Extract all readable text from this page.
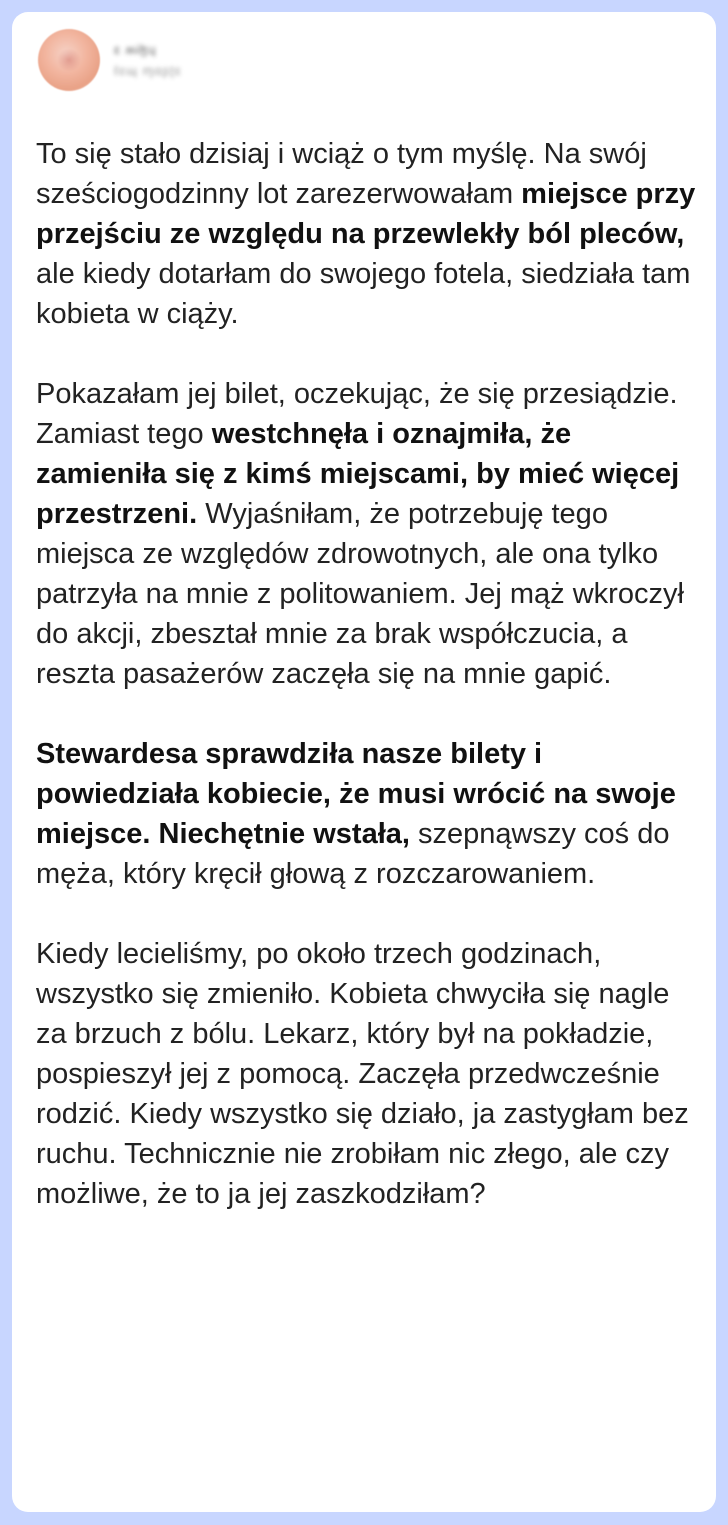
ɛ ʍɨɮɥ
ℓɛɰ ɱɑʂʈɛ

To się stało dzisiaj i wciąż o tym myślę. Na swój sześciogodzinny lot zarezerwowałam miejsce przy przejściu ze względu na przewlekły ból pleców, ale kiedy dotarłam do swojego fotela, siedziała tam kobieta w ciąży.

Pokazałam jej bilet, oczekując, że się przesiądzie. Zamiast tego westchnęła i oznajmiła, że zamieniła się z kimś miejscami, by mieć więcej przestrzeni. Wyjaśniłam, że potrzebuję tego miejsca ze względów zdrowotnych, ale ona tylko patrzyła na mnie z politowaniem. Jej mąż wkroczył do akcji, zbeształ mnie za brak współczucia, a reszta pasażerów zaczęła się na mnie gapić.

Stewardesa sprawdziła nasze bilety i powiedziała kobiecie, że musi wrócić na swoje miejsce. Niechętnie wstała, szepnąwszy coś do męża, który kręcił głową z rozczarowaniem.

Kiedy lecieliśmy, po około trzech godzinach, wszystko się zmieniło. Kobieta chwyciła się nagle za brzuch z bólu. Lekarz, który był na pokładzie, pospieszył jej z pomocą. Zaczęła przedwcześnie rodzić. Kiedy wszystko się działo, ja zastygłam bez ruchu. Technicznie nie zrobiłam nic złego, ale czy możliwe, że to ja jej zaszkodziłam?
